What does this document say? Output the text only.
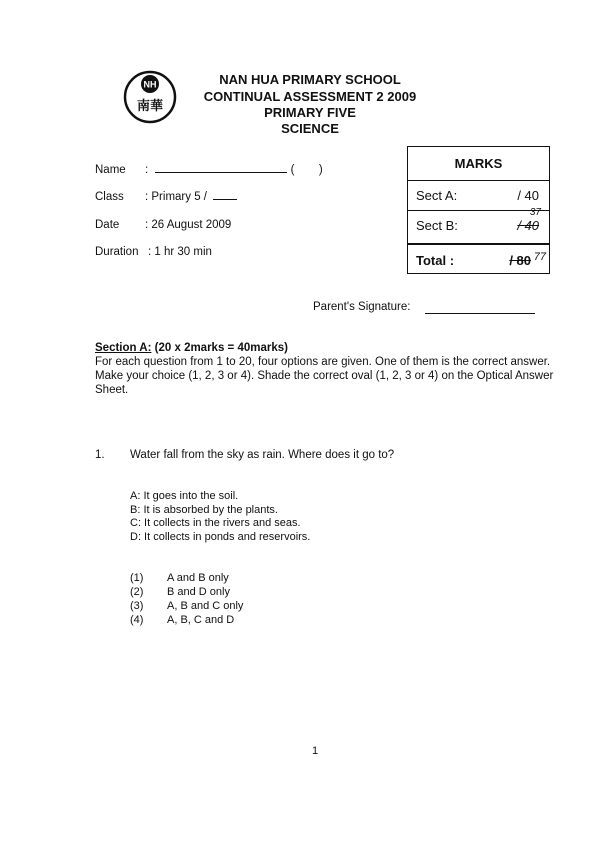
NH
南華
NAN HUA PRIMARY SCHOOL
CONTINUAL ASSESSMENT 2 2009
PRIMARY FIVE
SCIENCE
Name :	( )
Class : Primary 5 /
Date : 26 August 2009
Duration : 1 hr 30 min
MARKS
Sect A:	/ 40
Sect B:	/ 40
37
Total :	/ 80 77
Parent's Signature:
Section A: (20 x 2marks = 40marks)
For each question from 1 to 20, four options are given. One of them is the correct answer. Make your choice (1, 2, 3 or 4). Shade the correct oval (1, 2, 3 or 4) on the Optical Answer Sheet.
1. Water fall from the sky as rain. Where does it go to?
A: It goes into the soil.
B: It is absorbed by the plants.
C: It collects in the rivers and seas.
D: It collects in ponds and reservoirs.
(1) A and B only
(2) B and D only
(3) A, B and C only
(4) A, B, C and D
1
